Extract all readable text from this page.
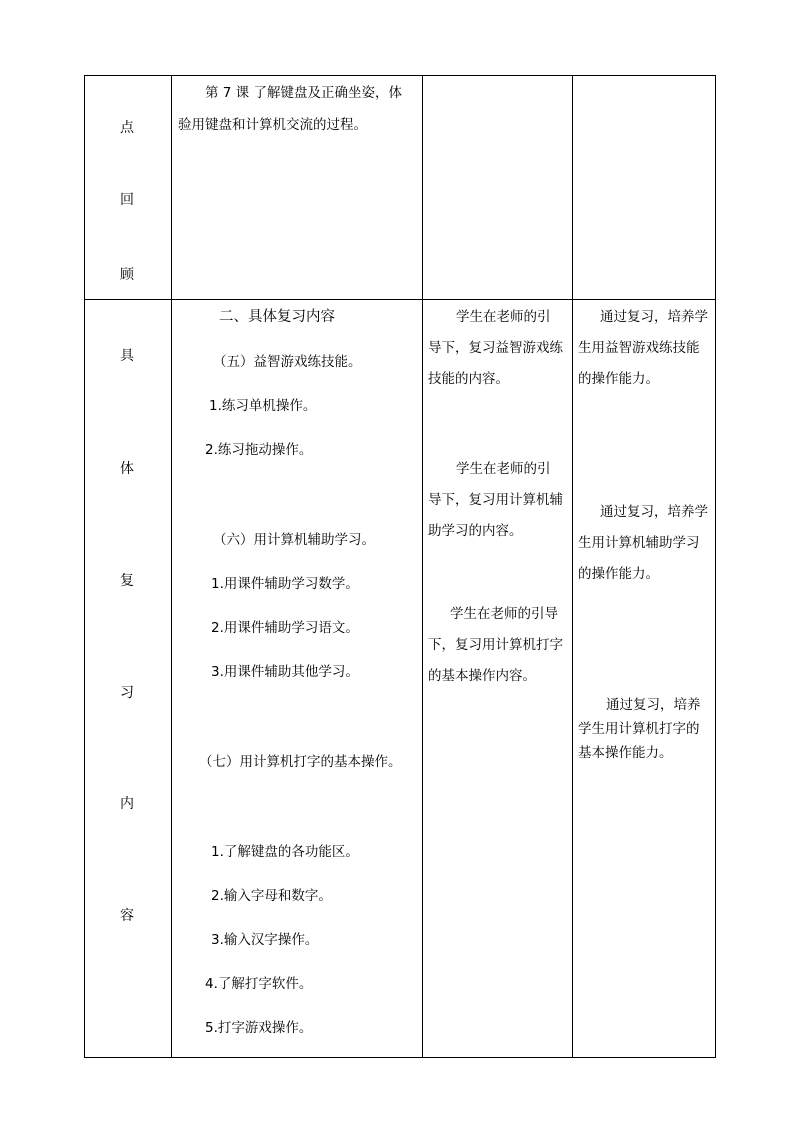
点
回
顾
第 7 课 了解键盘及正确坐姿，体
验用键盘和计算机交流的过程。
具
体
复
习
内
容
二、具体复习内容
（五）益智游戏练技能。
1.练习单机操作。
2.练习拖动操作。
（六）用计算机辅助学习。
1.用课件辅助学习数学。
2.用课件辅助学习语文。
3.用课件辅助其他学习。
（七）用计算机打字的基本操作。
1.了解键盘的各功能区。
2.输入字母和数字。
3.输入汉字操作。
4.了解打字软件。
5.打字游戏操作。
学生在老师的引
导下，复习益智游戏练
技能的内容。
学生在老师的引
导下，复习用计算机辅
助学习的内容。
学生在老师的引导
下，复习用计算机打字
的基本操作内容。
通过复习，培养学
生用益智游戏练技能
的操作能力。
通过复习，培养学
生用计算机辅助学习
的操作能力。
通过复习，培养
学生用计算机打字的
基本操作能力。
